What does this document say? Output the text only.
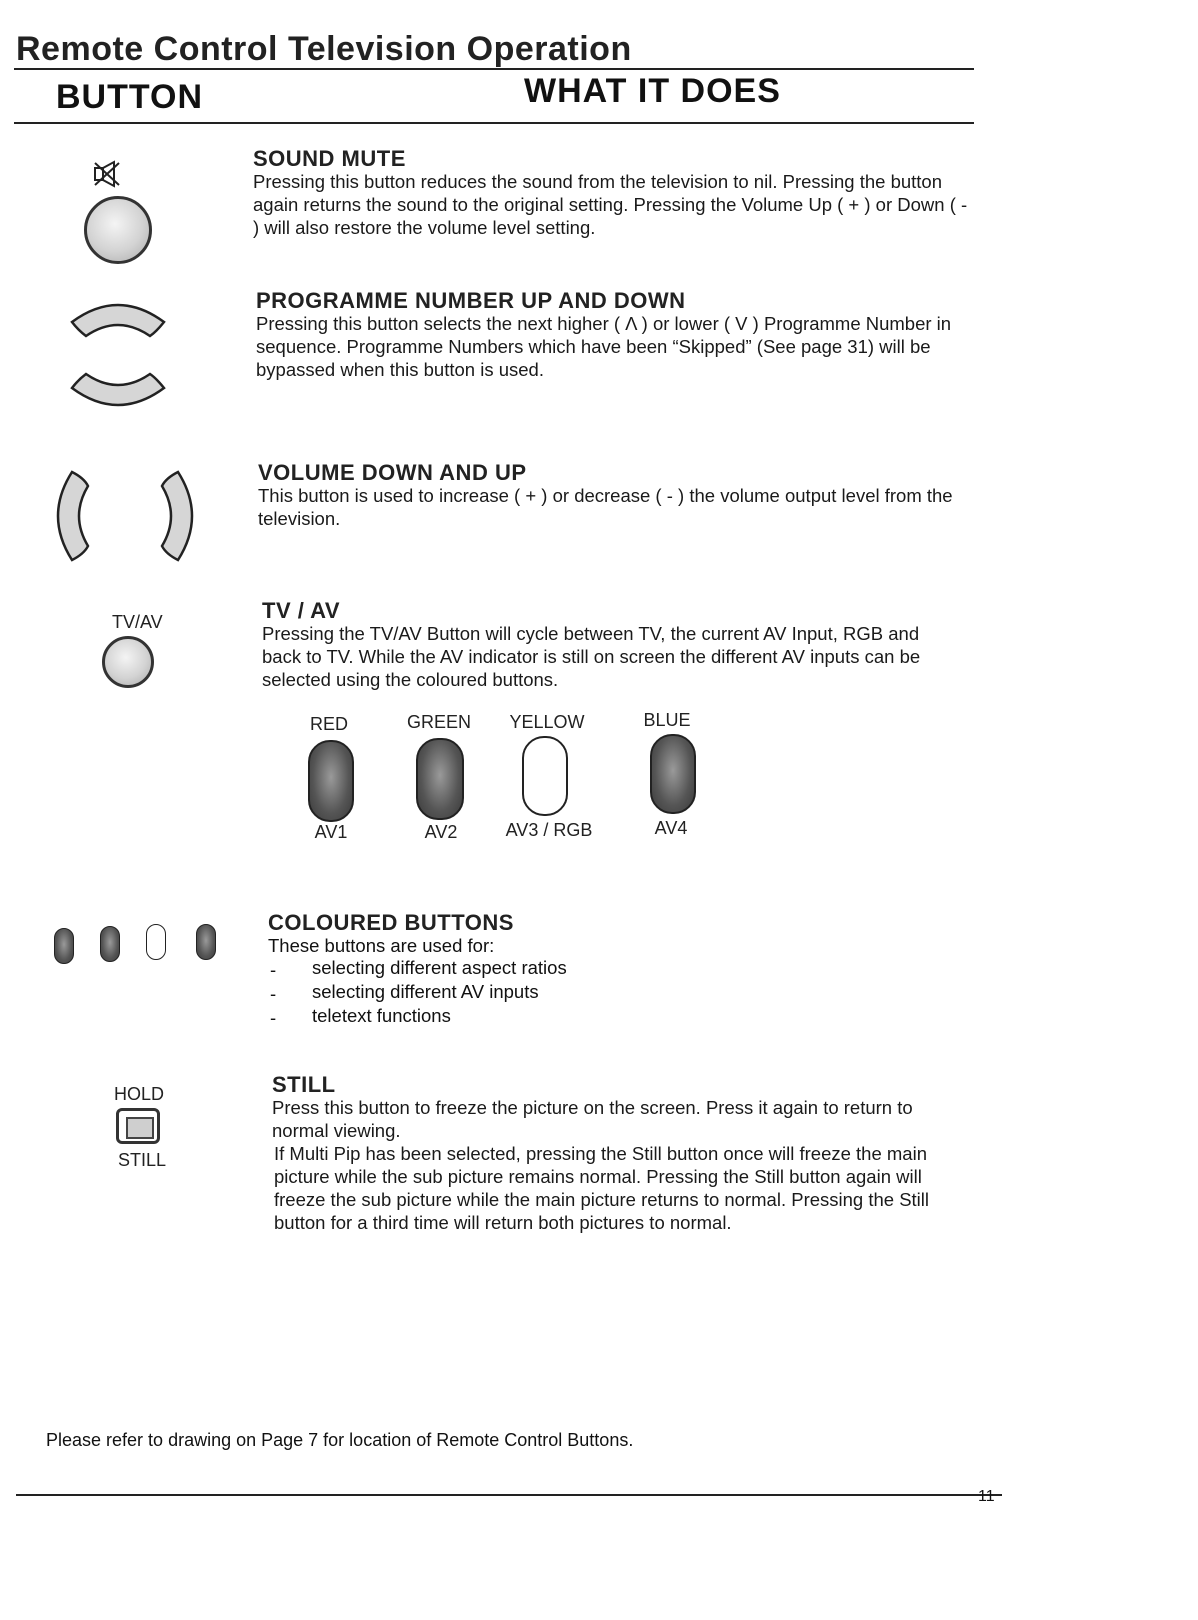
Remote Control Television Operation
BUTTON	WHAT IT DOES
SOUND MUTE
Pressing this button reduces the sound from the television to nil. Pressing the button again returns the sound to the original setting. Pressing the Volume Up ( + ) or Down ( - ) will also restore the volume level setting.
PROGRAMME NUMBER UP AND DOWN
Pressing this button selects the next higher ( Λ ) or lower ( V ) Programme Number in sequence. Programme Numbers which have been “Skipped” (See page 31) will be bypassed when this button is used.
VOLUME DOWN AND UP
This button is used to increase ( + ) or decrease ( - ) the volume output level from the television.
TV/AV	TV / AV
Pressing the TV/AV Button will cycle between TV, the current AV Input, RGB and back to TV. While the AV indicator is still on screen the different AV inputs can be selected using the coloured buttons.
RED	GREEN	YELLOW	BLUE
AV1	AV2	AV3 / RGB	AV4
COLOURED BUTTONS
These buttons are used for:
- selecting different aspect ratios
- selecting different AV inputs
- teletext functions
HOLD
STILL
STILL
Press this button to freeze the picture on the screen. Press it again to return to normal viewing.
If Multi Pip has been selected, pressing the Still button once will freeze the main picture while the sub picture remains normal. Pressing the Still button again will freeze the sub picture while the main picture returns to normal. Pressing the Still button for a third time will return both pictures to normal.
Please refer to drawing on Page 7 for location of Remote Control Buttons.
11
